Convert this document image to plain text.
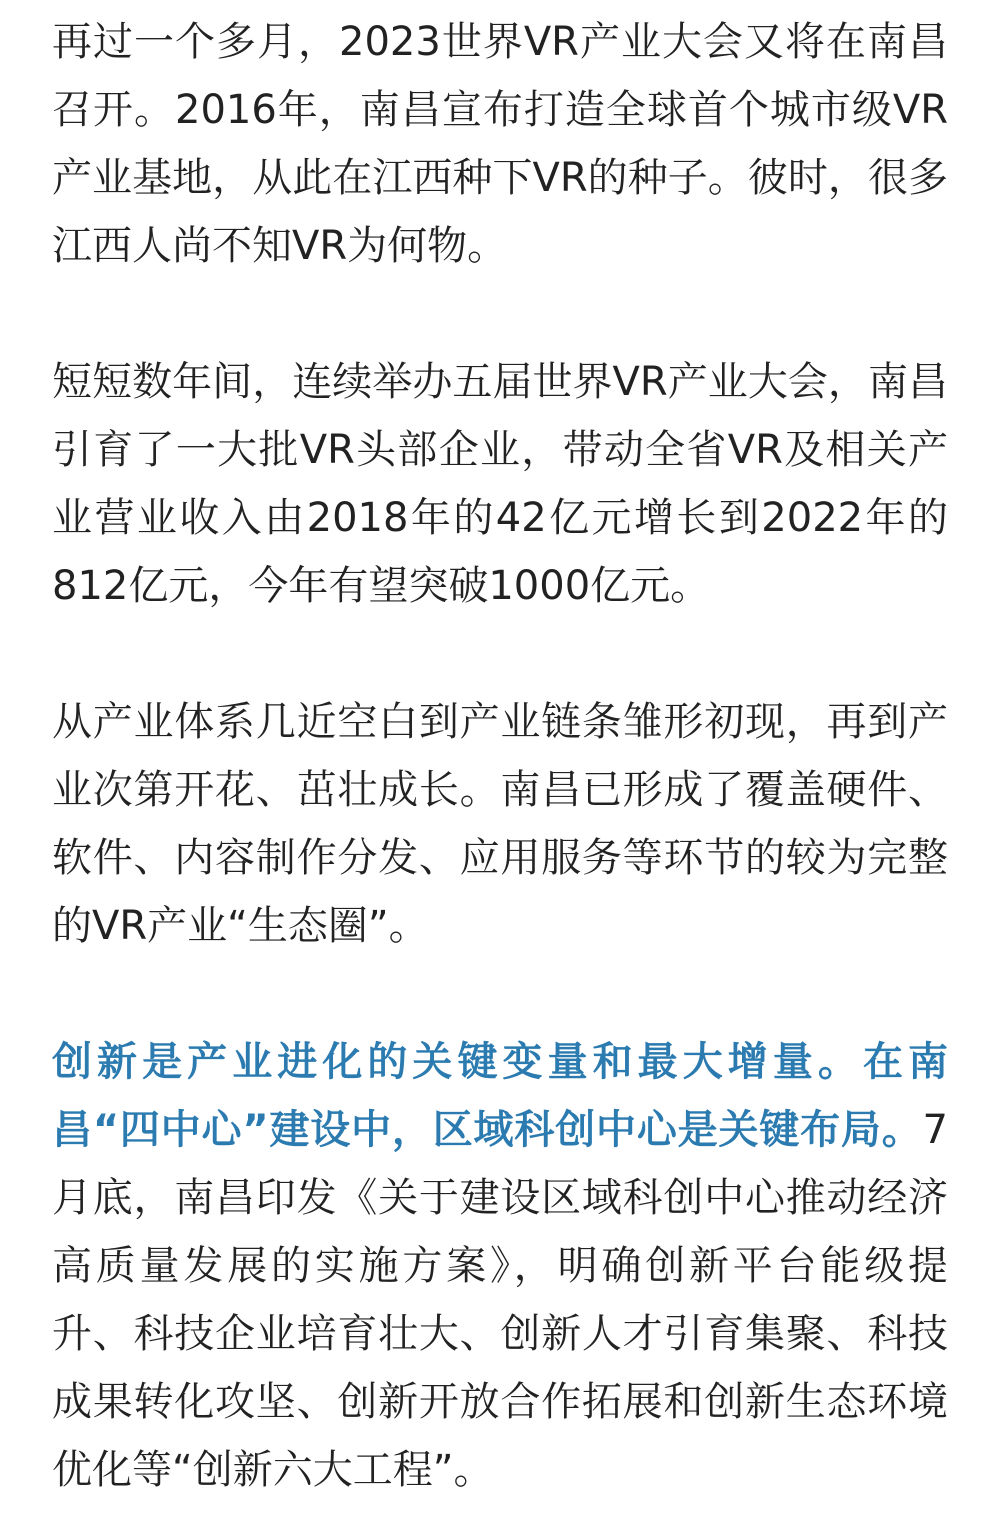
再过一个多月，2023世界VR产业大会又将在南昌召开。2016年，南昌宣布打造全球首个城市级VR产业基地，从此在江西种下VR的种子。彼时，很多江西人尚不知VR为何物。

短短数年间，连续举办五届世界VR产业大会，南昌引育了一大批VR头部企业，带动全省VR及相关产业营业收入由2018年的42亿元增长到2022年的812亿元，今年有望突破1000亿元。

从产业体系几近空白到产业链条雏形初现，再到产业次第开花、茁壮成长。南昌已形成了覆盖硬件、软件、内容制作分发、应用服务等环节的较为完整的VR产业“生态圈”。

创新是产业进化的关键变量和最大增量。在南昌“四中心”建设中，区域科创中心是关键布局。7月底，南昌印发《关于建设区域科创中心推动经济高质量发展的实施方案》，明确创新平台能级提升、科技企业培育壮大、创新人才引育集聚、科技成果转化攻坚、创新开放合作拓展和创新生态环境优化等“创新六大工程”。
